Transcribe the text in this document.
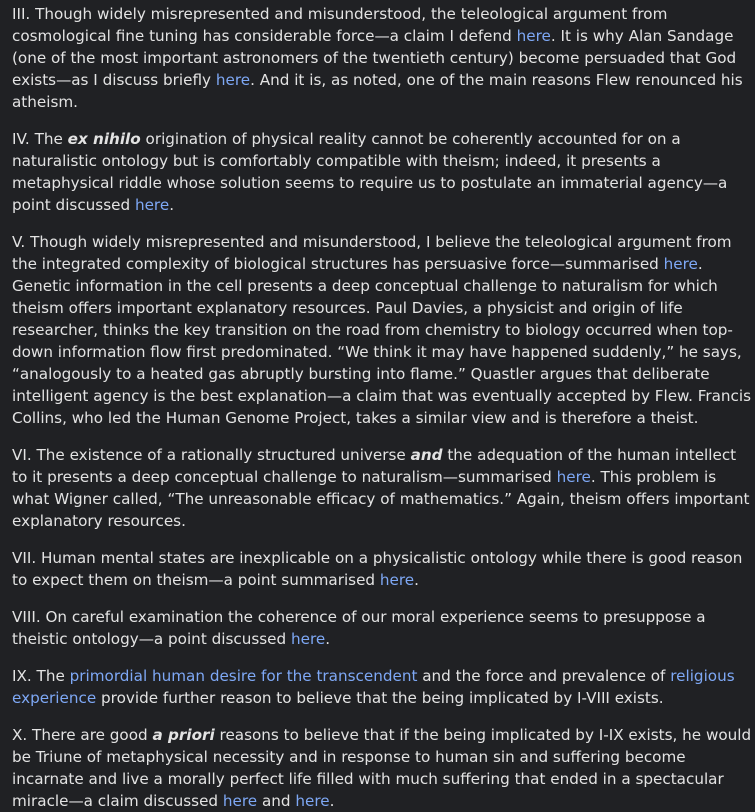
III. Though widely misrepresented and misunderstood, the teleological argument from cosmological fine tuning has considerable force—a claim I defend here. It is why Alan Sandage (one of the most important astronomers of the twentieth century) become persuaded that God exists—as I discuss briefly here. And it is, as noted, one of the main reasons Flew renounced his atheism.

IV. The ex nihilo origination of physical reality cannot be coherently accounted for on a naturalistic ontology but is comfortably compatible with theism; indeed, it presents a metaphysical riddle whose solution seems to require us to postulate an immaterial agency—a point discussed here.

V. Though widely misrepresented and misunderstood, I believe the teleological argument from the integrated complexity of biological structures has persuasive force—summarised here. Genetic information in the cell presents a deep conceptual challenge to naturalism for which theism offers important explanatory resources. Paul Davies, a physicist and origin of life researcher, thinks the key transition on the road from chemistry to biology occurred when top-down information flow first predominated. “We think it may have happened suddenly,” he says, “analogously to a heated gas abruptly bursting into flame.” Quastler argues that deliberate intelligent agency is the best explanation—a claim that was eventually accepted by Flew. Francis Collins, who led the Human Genome Project, takes a similar view and is therefore a theist.

VI. The existence of a rationally structured universe and the adequation of the human intellect to it presents a deep conceptual challenge to naturalism—summarised here. This problem is what Wigner called, “The unreasonable efficacy of mathematics.” Again, theism offers important explanatory resources.

VII. Human mental states are inexplicable on a physicalistic ontology while there is good reason to expect them on theism—a point summarised here.

VIII. On careful examination the coherence of our moral experience seems to presuppose a theistic ontology—a point discussed here.

IX. The primordial human desire for the transcendent and the force and prevalence of religious experience provide further reason to believe that the being implicated by I-VIII exists.

X. There are good a priori reasons to believe that if the being implicated by I-IX exists, he would be Triune of metaphysical necessity and in response to human sin and suffering become incarnate and live a morally perfect life filled with much suffering that ended in a spectacular miracle—a claim discussed here and here.
